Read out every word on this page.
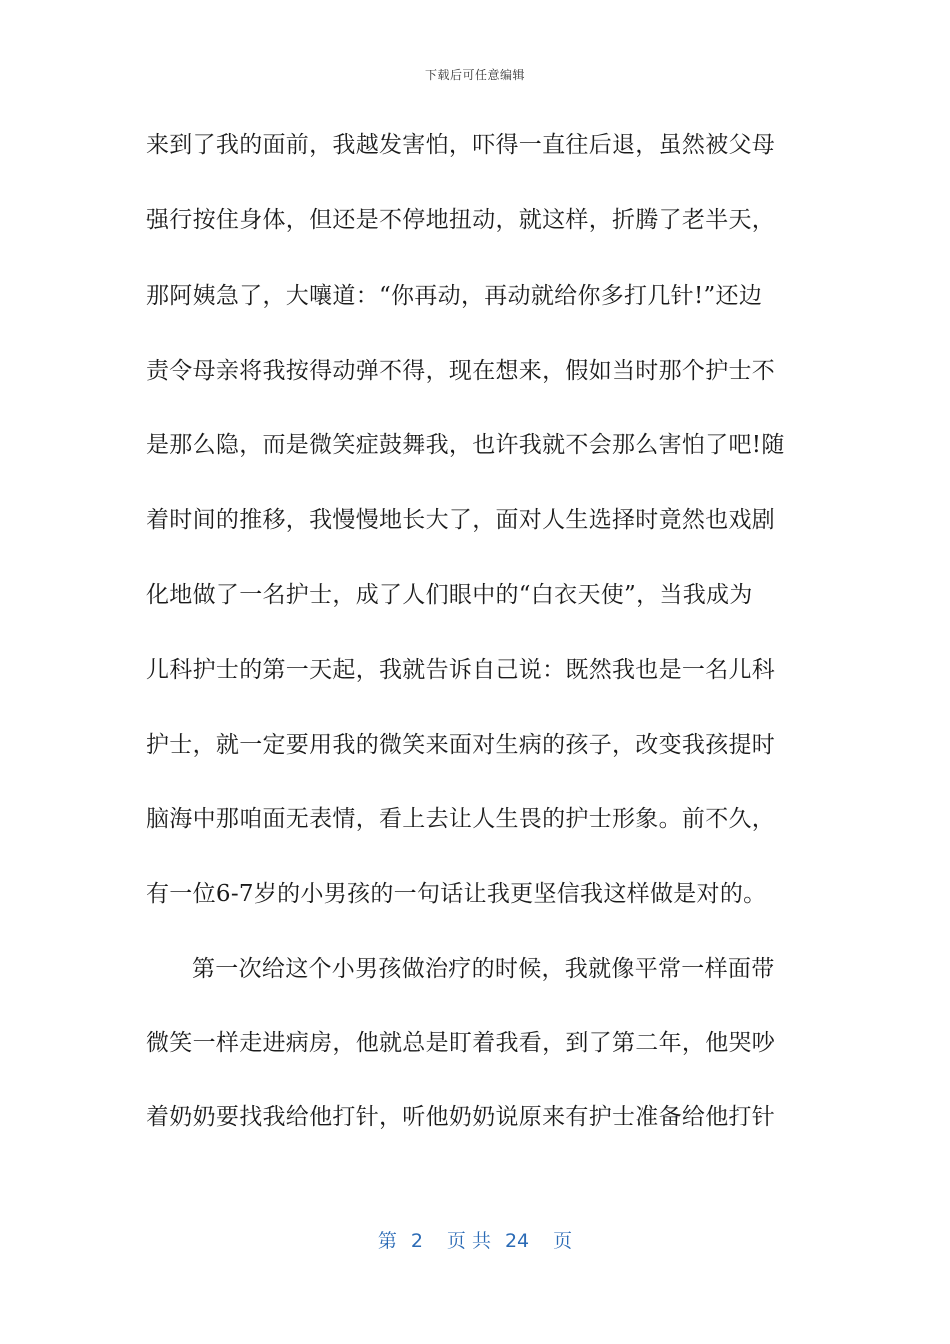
下载后可任意编辑
来到了我的面前，我越发害怕，吓得一直往后退，虽然被父母
强行按住身体，但还是不停地扭动，就这样，折腾了老半天，
那阿姨急了，大嚷道：“你再动，再动就给你多打几针!”还边
责令母亲将我按得动弹不得，现在想来，假如当时那个护士不
是那么隐，而是微笑症鼓舞我，也许我就不会那么害怕了吧!随
着时间的推移，我慢慢地长大了，面对人生选择时竟然也戏剧
化地做了一名护士，成了人们眼中的“白衣天使”，当我成为
儿科护士的第一天起，我就告诉自己说：既然我也是一名儿科
护士，就一定要用我的微笑来面对生病的孩子，改变我孩提时
脑海中那咱面无表情，看上去让人生畏的护士形象。前不久，
有一位6-7岁的小男孩的一句话让我更坚信我这样做是对的。
第一次给这个小男孩做治疗的时候，我就像平常一样面带
微笑一样走进病房，他就总是盯着我看，到了第二年，他哭吵
着奶奶要找我给他打针，听他奶奶说原来有护士准备给他打针
第 2 页 共 24 页
